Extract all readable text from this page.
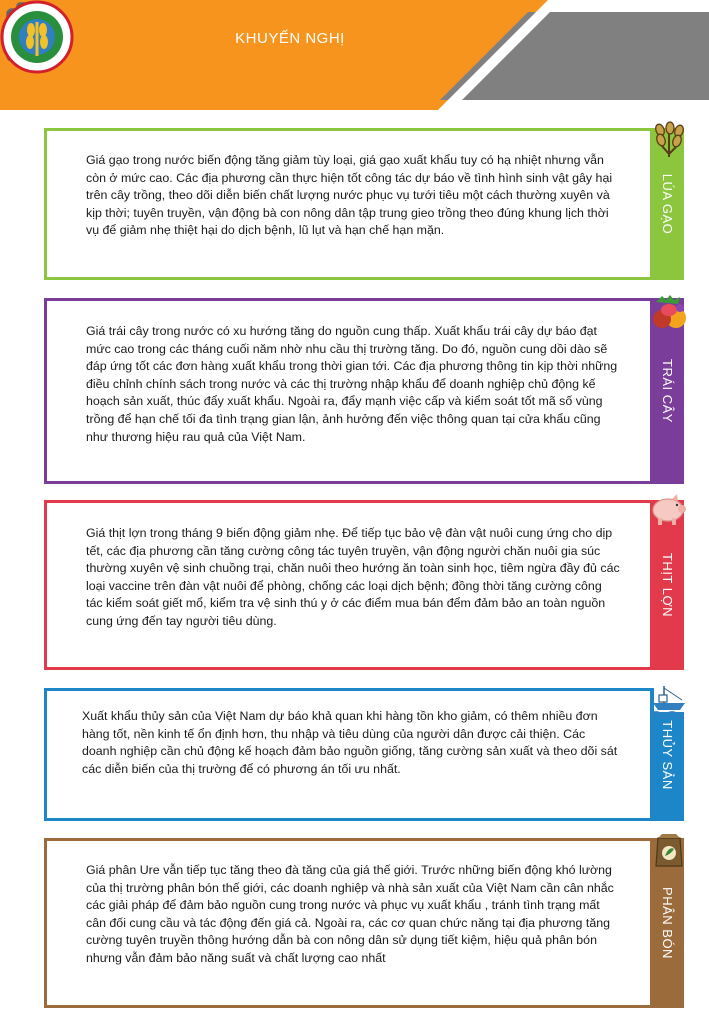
KHUYẾN NGHỊ
LÚA GẠO
Giá gạo trong nước biến động tăng giảm tùy loại, giá gạo xuất khẩu tuy có hạ nhiệt nhưng vẫn còn ở mức cao. Các địa phương cần thực hiện tốt công tác dự báo về tình hình sinh vật gây hại trên cây trồng, theo dõi diễn biến chất lượng nước phục vụ tưới tiêu một cách thường xuyên và kịp thời; tuyên truyền, vận động bà con nông dân tập trung gieo trồng theo đúng khung lịch thời vụ để giảm nhẹ thiệt hại do dịch bệnh, lũ lụt và hạn chế hạn mặn.
TRÁI CÂY
Giá trái cây trong nước có xu hướng tăng do nguồn cung thấp. Xuất khẩu trái cây dự báo đạt mức cao trong các tháng cuối năm nhờ nhu cầu thị trường tăng. Do đó, nguồn cung dồi dào sẽ đáp ứng tốt các đơn hàng xuất khẩu trong thời gian tới. Các địa phương thông tin kịp thời những điều chỉnh chính sách trong nước và các thị trường nhập khẩu để doanh nghiệp chủ động kế hoạch sản xuất, thúc đẩy xuất khẩu. Ngoài ra, đẩy mạnh việc cấp và kiểm soát tốt mã số vùng trồng để hạn chế tối đa tình trạng gian lận, ảnh hưởng đến việc thông quan tại cửa khẩu cũng như thương hiệu rau quả của Việt Nam.
THỊT LỢN
Giá thịt lợn trong tháng 9 biến động giảm nhẹ. Để tiếp tục bảo vệ đàn vật nuôi cung ứng cho dịp tết, các địa phương cần tăng cường công tác tuyên truyền, vận động người chăn nuôi gia súc thường xuyên vệ sinh chuồng trại, chăn nuôi theo hướng ăn toàn sinh học, tiêm ngừa đầy đủ các loại vaccine trên đàn vật nuôi để phòng, chống các loại dịch bệnh; đồng thời tăng cường công tác kiểm soát giết mổ, kiểm tra vệ sinh thú y ở các điểm mua bán đểm đảm bảo an toàn nguồn cung ứng đến tay người tiêu dùng.
THỦY SẢN
Xuất khẩu thủy sản của Việt Nam dự báo khả quan khi hàng tồn kho giảm, có thêm nhiều đơn hàng tốt, nền kinh tế ổn định hơn, thu nhập và tiêu dùng của người dân được cải thiện. Các doanh nghiệp cần chủ động kế hoạch đảm bảo nguồn giống, tăng cường sản xuất và theo dõi sát các diễn biến của thị trường để có phương án tối ưu nhất.
PHÂN BÓN
Giá phân Ure vẫn tiếp tục tăng theo đà tăng của giá thế giới. Trước những biến động khó lường của thị trường phân bón thế giới, các doanh nghiệp và nhà sản xuất của Việt Nam cần cân nhắc các giải pháp để đảm bảo nguồn cung trong nước và phục vụ xuất khẩu , tránh tình trạng mất cân đối cung cầu và tác động đến giá cả. Ngoài ra, các cơ quan chức năng tại địa phương tăng cường tuyên truyền thông hướng dẫn bà con nông dân sử dụng tiết kiệm, hiệu quả phân bón nhưng vẫn đảm bảo năng suất và chất lượng cao nhất
